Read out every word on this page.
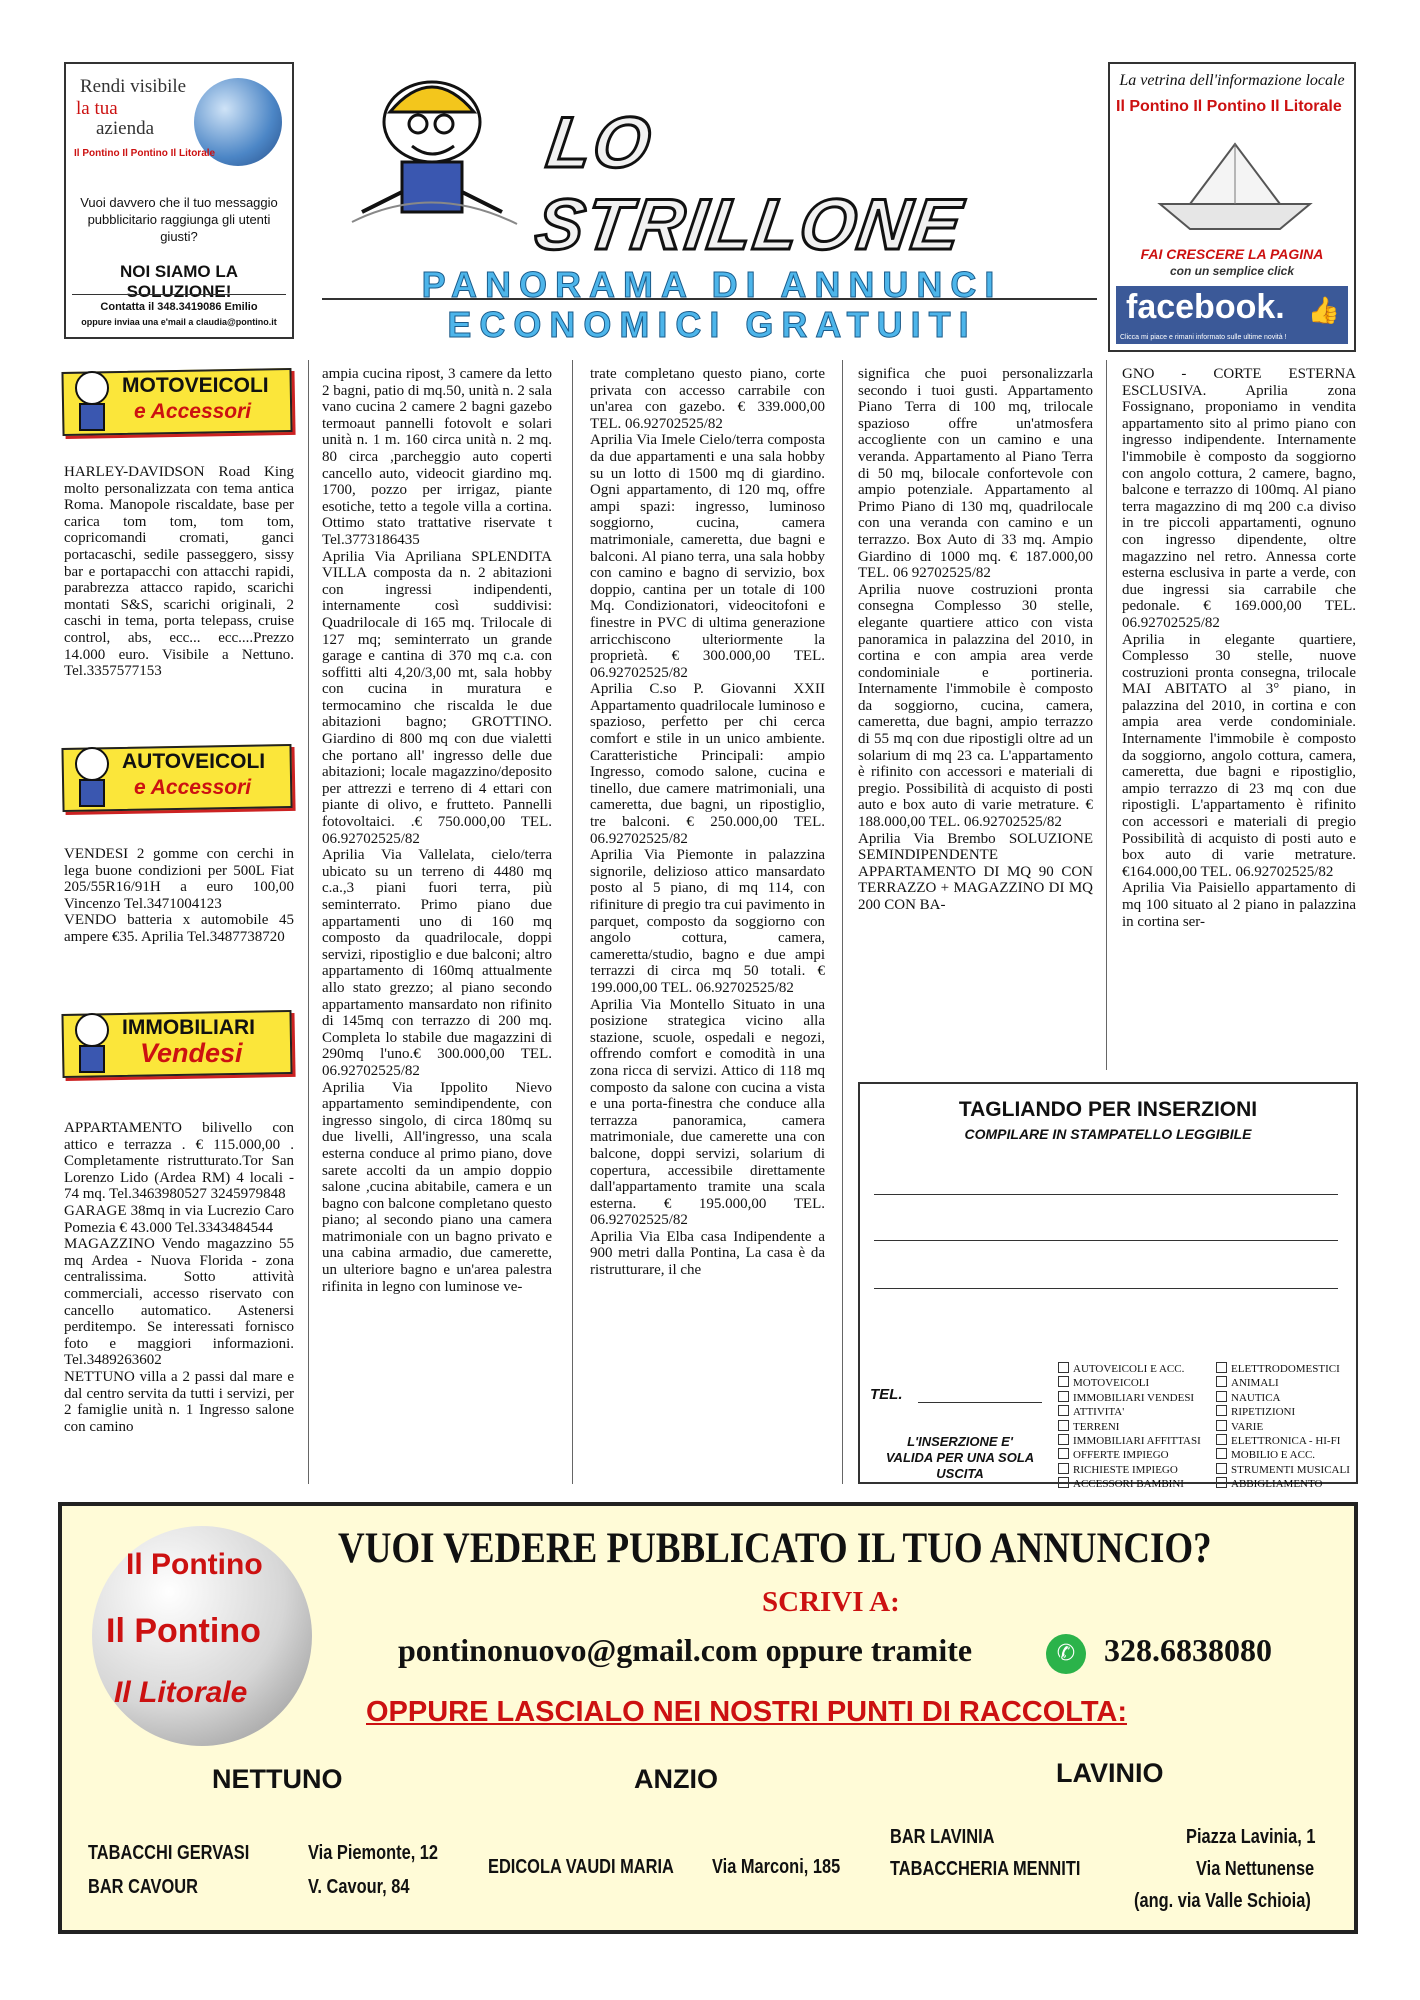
Rendi visibile
la tua
azienda
Il Pontino Il Pontino Il Litorale
Vuoi davvero che il tuo messaggio pubblicitario raggiunga gli utenti giusti?
NOI SIAMO LA SOLUZIONE!
Contatta il 348.3419086 Emilio
oppure inviaa una e'mail a claudia@pontino.it
LO STRILLONE
PANORAMA DI ANNUNCI
ECONOMICI GRATUITI
La vetrina dell'informazione locale
Il Pontino Il Pontino Il Litorale
FAI CRESCERE LA PAGINA
con un semplice click
facebook. 👍
Clicca mi piace e rimani informato sulle ultime novità !
MOTOVEICOLI
e Accessori

HARLEY-DAVIDSON Road King molto personalizzata con tema antica Roma. Manopole riscaldate, base per carica tom tom, tom tom, copricomandi cromati, ganci portacaschi, sedile passeggero, sissy bar e portapacchi con attacchi rapidi, parabrezza attacco rapido, scarichi montati S&S, scarichi originali, 2 caschi in tema, porta telepass, cruise control, abs, ecc... ecc....Prezzo 14.000 euro. Visibile a Nettuno. Tel.3357577153

AUTOVEICOLI
e Accessori

VENDESI 2 gomme con cerchi in lega buone condizioni per 500L Fiat 205/55R16/91H a euro 100,00 Vincenzo Tel.3471004123

VENDO batteria x automobile 45 ampere €35. Aprilia Tel.3487738720

IMMOBILIARI
Vendesi

APPARTAMENTO bilivello con attico e terrazza . € 115.000,00 . Completamente ristrutturato.Tor San Lorenzo Lido (Ardea RM) 4 locali - 74 mq. Tel.3463980527 3245979848

GARAGE 38mq in via Lucrezio Caro Pomezia € 43.000 Tel.3343484544

MAGAZZINO Vendo magazzino 55 mq Ardea - Nuova Florida - zona centralissima. Sotto attività commerciali, accesso riservato con cancello automatico. Astenersi perditempo. Se interessati fornisco foto e maggiori informazioni. Tel.3489263602

NETTUNO villa a 2 passi dal mare e dal centro servita da tutti i servizi, per 2 famiglie unità n. 1 Ingresso salone con camino

ampia cucina ripost, 3 camere da letto 2 bagni, patio di mq.50, unità n. 2 sala vano cucina 2 camere 2 bagni gazebo termoaut pannelli fotovolt e solari unità n. 1 m. 160 circa unità n. 2 mq. 80 circa ,parcheggio auto coperti cancello auto, videocit giardino mq. 1700, pozzo per irrigaz, piante esotiche, tetto a tegole villa a cortina. Ottimo stato trattative riservate t Tel.3773186435

Aprilia Via Apriliana SPLENDITA VILLA composta da n. 2 abitazioni con ingressi indipendenti, internamente così suddivisi: Quadrilocale di 165 mq. Trilocale di 127 mq; seminterrato un grande garage e cantina di 370 mq c.a. con soffitti alti 4,20/3,00 mt, sala hobby con cucina in muratura e termocamino che riscalda le due abitazioni bagno; GROTTINO. Giardino di 800 mq con due vialetti che portano all' ingresso delle due abitazioni; locale magazzino/deposito per attrezzi e terreno di 4 ettari con piante di olivo, e frutteto. Pannelli fotovoltaici. .€ 750.000,00 TEL. 06.92702525/82

Aprilia Via Vallelata, cielo/terra ubicato su un terreno di 4480 mq c.a.,3 piani fuori terra, più seminterrato. Primo piano due appartamenti uno di 160 mq composto da quadrilocale, doppi servizi, ripostiglio e due balconi; altro appartamento di 160mq attualmente allo stato grezzo; al piano secondo appartamento mansardato non rifinito di 145mq con terrazzo di 200 mq. Completa lo stabile due magazzini di 290mq l'uno.€ 300.000,00 TEL. 06.92702525/82

Aprilia Via Ippolito Nievo appartamento semindipendente, con ingresso singolo, di circa 180mq su due livelli, All'ingresso, una scala esterna conduce al primo piano, dove sarete accolti da un ampio doppio salone ,cucina abitabile, camera e un bagno con balcone completano questo piano; al secondo piano una camera matrimoniale con un bagno privato e una cabina armadio, due camerette, un ulteriore bagno e un'area palestra rifinita in legno con luminose ve-

trate completano questo piano, corte privata con accesso carrabile con un'area con gazebo. € 339.000,00 TEL. 06.92702525/82

Aprilia Via Imele Cielo/terra composta da due appartamenti e una sala hobby su un lotto di 1500 mq di giardino. Ogni appartamento, di 120 mq, offre ampi spazi: ingresso, luminoso soggiorno, cucina, camera matrimoniale, cameretta, due bagni e balconi. Al piano terra, una sala hobby con camino e bagno di servizio, box doppio, cantina per un totale di 100 Mq. Condizionatori, videocitofoni e finestre in PVC di ultima generazione arricchiscono ulteriormente la proprietà. € 300.000,00 TEL. 06.92702525/82

Aprilia C.so P. Giovanni XXII Appartamento quadrilocale luminoso e spazioso, perfetto per chi cerca comfort e stile in un unico ambiente. Caratteristiche Principali: ampio Ingresso, comodo salone, cucina e tinello, due camere matrimoniali, una cameretta, due bagni, un ripostiglio, tre balconi. € 250.000,00 TEL. 06.92702525/82

Aprilia Via Piemonte in palazzina signorile, delizioso attico mansardato posto al 5 piano, di mq 114, con rifiniture di pregio tra cui pavimento in parquet, composto da soggiorno con angolo cottura, camera, cameretta/studio, bagno e due ampi terrazzi di circa mq 50 totali. € 199.000,00 TEL. 06.92702525/82

Aprilia Via Montello Situato in una posizione strategica vicino alla stazione, scuole, ospedali e negozi, offrendo comfort e comodità in una zona ricca di servizi. Attico di 118 mq composto da salone con cucina a vista e una porta-finestra che conduce alla terrazza panoramica, camera matrimoniale, due camerette una con balcone, doppi servizi, solarium di copertura, accessibile direttamente dall'appartamento tramite una scala esterna. € 195.000,00 TEL. 06.92702525/82

Aprilia Via Elba casa Indipendente a 900 metri dalla Pontina, La casa è da ristrutturare, il che

significa che puoi personalizzarla secondo i tuoi gusti. Appartamento Piano Terra di 100 mq, trilocale spazioso offre un'atmosfera accogliente con un camino e una veranda. Appartamento al Piano Terra di 50 mq, bilocale confortevole con ampio potenziale. Appartamento al Primo Piano di 130 mq, quadrilocale con una veranda con camino e un terrazzo. Box Auto di 33 mq. Ampio Giardino di 1000 mq. € 187.000,00 TEL. 06 92702525/82

Aprilia nuove costruzioni pronta consegna Complesso 30 stelle, elegante quartiere attico con vista panoramica in palazzina del 2010, in cortina e con ampia area verde condominiale e portineria. Internamente l'immobile è composto da soggiorno, cucina, camera, cameretta, due bagni, ampio terrazzo di 55 mq con due ripostigli oltre ad un solarium di mq 23 ca. L'appartamento è rifinito con accessori e materiali di pregio. Possibilità di acquisto di posti auto e box auto di varie metrature. € 188.000,00 TEL. 06.92702525/82

Aprilia Via Brembo SOLUZIONE SEMINDIPENDENTE APPARTAMENTO DI MQ 90 CON TERRAZZO + MAGAZZINO DI MQ 200 CON BA-

GNO - CORTE ESTERNA ESCLUSIVA. Aprilia zona Fossignano, proponiamo in vendita appartamento sito al primo piano con ingresso indipendente. Internamente l'immobile è composto da soggiorno con angolo cottura, 2 camere, bagno, balcone e terrazzo di 100mq. Al piano terra magazzino di mq 200 c.a diviso in tre piccoli appartamenti, ognuno con ingresso dipendente, oltre magazzino nel retro. Annessa corte esterna esclusiva in parte a verde, con due ingressi sia carrabile che pedonale. € 169.000,00 TEL. 06.92702525/82

Aprilia in elegante quartiere, Complesso 30 stelle, nuove costruzioni pronta consegna, trilocale MAI ABITATO al 3° piano, in palazzina del 2010, in cortina e con ampia area verde condominiale. Internamente l'immobile è composto da soggiorno, angolo cottura, camera, cameretta, due bagni e ripostiglio, ampio terrazzo di 23 mq con due ripostigli. L'appartamento è rifinito con accessori e materiali di pregio Possibilità di acquisto di posti auto e box auto di varie metrature. €164.000,00 TEL. 06.92702525/82

Aprilia Via Paisiello appartamento di mq 100 situato al 2 piano in palazzina in cortina ser-

TAGLIANDO PER INSERZIONI
COMPILARE IN STAMPATELLO LEGGIBILE
TEL.
L'INSERZIONE E' VALIDA PER UNA SOLA USCITA
AUTOVEICOLI E ACC.
MOTOVEICOLI
IMMOBILIARI VENDESI
ATTIVITA'
TERRENI
IMMOBILIARI AFFITTASI
OFFERTE IMPIEGO
RICHIESTE IMPIEGO
ACCESSORI BAMBINI
ELETTRODOMESTICI
ANIMALI
NAUTICA
RIPETIZIONI
VARIE
ELETTRONICA - HI-FI
MOBILIO E ACC.
STRUMENTI MUSICALI
ABBIGLIAMENTO
Il Pontino
Il Pontino
Il Litorale
VUOI VEDERE PUBBLICATO IL TUO ANNUNCIO?
SCRIVI A:
pontinonuovo@gmail.com oppure tramite	✆ 328.6838080
OPPURE LASCIALO NEI NOSTRI PUNTI DI RACCOLTA:
NETTUNO	ANZIO	LAVINIO
TABACCHI GERVASI	Via Piemonte, 12
BAR CAVOUR	V. Cavour, 84
EDICOLA VAUDI MARIA Via Marconi, 185
BAR LAVINIA	Piazza Lavinia, 1
TABACCHERIA MENNITI	Via Nettunense
(ang. via Valle Schioia)
